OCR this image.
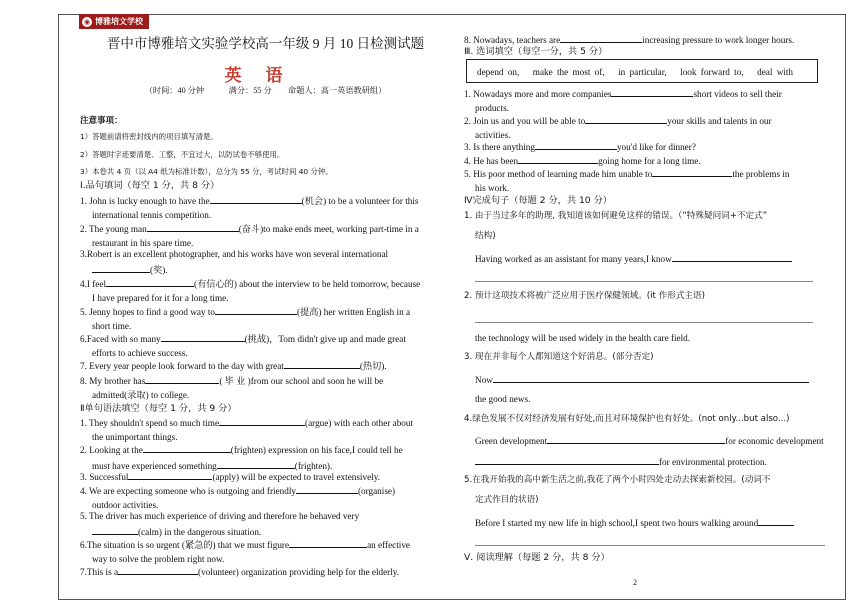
◉ 博雅培文学校
晋中市博雅培文实验学校高一年级 9 月 10 日检测试题
英语
（时间：40 分钟　　　满分：55 分　　命题人：高一英语教研组）
注意事项：
1）答题前请将密封线内的项目填写清楚。
2）答题时字迹要清楚、工整，不宜过大，以防试卷不够使用。
3）本卷共 4 页（以 A4 纸为标准计数），总分为 55 分，考试时间 40 分钟。
Ⅰ.品句填词（每空 1 分，共 8 分）
1. John is lucky enough to have the	(机会) to be a volunteer for this
international tennis competition.
2. The young man	(奋斗)to make ends meet, working part-time in a
restaurant in his spare time.
3.Robert is an excellent photographer, and his works have won several international
(奖).
4.I feel	(有信心的) about the interview to be held tomorrow, because
I have prepared for it for a long time.
5. Jenny hopes to find a good way to	(提高) her written English in a
short time.
6.Faced with so many	(挑战)，Tom didn't give up and made great
efforts to achieve success.
7. Every year people look forward to the day with great	(热切).
8. My brother has	( 毕 业 )from our school and soon he will be
admitted(录取) to college.
Ⅱ单句语法填空（每空 1 分，共 9 分）
1. They shouldn't spend so much time	(argue) with each other about
the unimportant things.
2. Looking at the	(frighten) expression on his face,I could tell he
must have experienced something	(frighten).
3. Successful	(apply) will be expected to travel extensively.
4. We are expecting someone who is outgoing and friendly	(organise)
outdoor activities.
5. The driver has much experience of driving and therefore he behaved very
(calm) in the dangerous situation.
6.The situation is so urgent (紧急的) that we must figure	an effective
way to solve the problem right now.
7.This is a	(volunteer) organization providing help for the elderly.
8. Nowadays, teachers are	increasing pressure to work longer hours.
Ⅲ. 选词填空（每空一分，共 5 分）
depend on,　 make the most of,　 in particular,　 look forward to,　 deal with
1. Nowadays more and more companies	short videos to sell their
products.
2. Join us and you will be able to	your skills and talents in our
activities.
3. Is there anything	you'd like for dinner?
4. He has been	going home for a long time.
5. His poor method of learning made him unable to	the problems in
his work.
Ⅳ完成句子（每题 2 分，共 10 分）
1. 由于当过多年的助理, 我知道该如何避免这样的错误。（“特殊疑问词+不定式”
结构)
Having worked as an assistant for many years,I know
2. 预计这项技术将被广泛应用于医疗保健领域。(it 作形式主语)
the technology will be used widely in the health care field.
3. 现在并非每个人都知道这个好消息。(部分否定)
Now
the good news.
4.绿色发展不仅对经济发展有好处,而且对环境保护也有好处。(not only...but also...)
Green development	for economic development
for environmental protection.
5.在我开始我的高中新生活之前,我花了两个小时四处走动去探索新校园。(动词不
定式作目的状语)
Before I started my new life in high school,I spent two hours walking around
Ⅴ. 阅读理解（每题 2 分，共 8 分）
2
